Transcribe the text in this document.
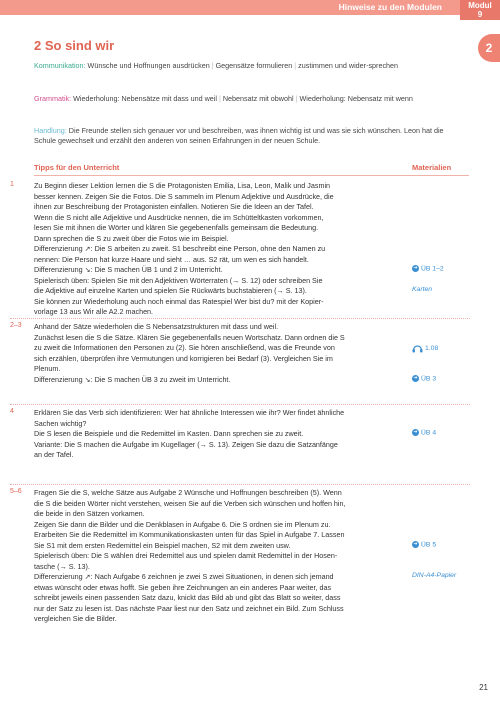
Hinweise zu den Modulen	Modul
9
2
2 So sind wir
Kommunikation: Wünsche und Hoffnungen ausdrücken | Gegensätze formulieren | zustimmen und wider-sprechen
Grammatik: Wiederholung: Nebensätze mit dass und weil | Nebensatz mit obwohl | Wiederholung: Nebensatz mit wenn
Handlung: Die Freunde stellen sich genauer vor und beschreiben, was ihnen wichtig ist und was sie sich wünschen. Leon hat die Schule gewechselt und erzählt den anderen von seinen Erfahrungen in der neuen Schule.
Tipps für den Unterricht	Materialien
1	Zu Beginn dieser Lektion lernen die S die Protagonisten Emilia, Lisa, Leon, Malik und Jasmin
besser kennen. Zeigen Sie die Fotos. Die S sammeln im Plenum Adjektive und Ausdrücke, die
ihnen zur Beschreibung der Protagonisten einfallen. Notieren Sie die Ideen an der Tafel.
Wenn die S nicht alle Adjektive und Ausdrücke nennen, die im Schütteltkasten vorkommen,
lesen Sie mit ihnen die Wörter und klären Sie gegebenenfalls gemeinsam die Bedeutung.
Dann sprechen die S zu zweit über die Fotos wie im Beispiel.
Differenzierung ↗: Die S arbeiten zu zweit. S1 beschreibt eine Person, ohne den Namen zu
nennen: Die Person hat kurze Haare und sieht … aus. S2 rät, um wen es sich handelt.
Differenzierung ↘: Die S machen ÜB 1 und 2 im Unterricht.
Spielerisch üben: Spielen Sie mit den Adjektiven Wörterraten (→ S. 12) oder schreiben Sie
die Adjektive auf einzelne Karten und spielen Sie Rückwärts buchstabieren (→ S. 13).
Sie können zur Wiederholung auch noch einmal das Ratespiel Wer bist du? mit der Kopier-
vorlage 13 aus Wir alle A2.2 machen.
➜ ÜB 1–2
Karten
2–3 Anhand der Sätze wiederholen die S Nebensatzstrukturen mit dass und weil.
Zunächst lesen die S die Sätze. Klären Sie gegebenenfalls neuen Wortschatz. Dann ordnen die S
zu zweit die Informationen den Personen zu (2). Sie hören anschließend, was die Freunde von
sich erzählen, überprüfen ihre Vermutungen und korrigieren bei Bedarf (3). Vergleichen Sie im
Plenum.
Differenzierung ↘: Die S machen ÜB 3 zu zweit im Unterricht.
1.08
➜ ÜB 3
4	Erklären Sie das Verb sich identifizieren: Wer hat ähnliche Interessen wie ihr? Wer findet ähnliche
Sachen wichtig?
Die S lesen die Beispiele und die Redemittel im Kasten. Dann sprechen sie zu zweit.
Variante: Die S machen die Aufgabe im Kugellager (→ S. 13). Zeigen Sie dazu die Satzanfänge
an der Tafel.
➜ ÜB 4
5–6 Fragen Sie die S, welche Sätze aus Aufgabe 2 Wünsche und Hoffnungen beschreiben (5). Wenn
die S die beiden Wörter nicht verstehen, weisen Sie auf die Verben sich wünschen und hoffen hin,
die beide in den Sätzen vorkamen.
Zeigen Sie dann die Bilder und die Denkblasen in Aufgabe 6. Die S ordnen sie im Plenum zu.
Erarbeiten Sie die Redemittel im Kommunikationskasten unten für das Spiel in Aufgabe 7. Lassen
Sie S1 mit dem ersten Redemittel ein Beispiel machen, S2 mit dem zweiten usw.
Spielerisch üben: Die S wählen drei Redemittel aus und spielen damit Redemittel in der Hosen-
tasche (→ S. 13).
Differenzierung ↗: Nach Aufgabe 6 zeichnen je zwei S zwei Situationen, in denen sich jemand
etwas wünscht oder etwas hofft. Sie geben ihre Zeichnungen an ein anderes Paar weiter, das
schreibt jeweils einen passenden Satz dazu, knickt das Bild ab und gibt das Blatt so weiter, dass
nur der Satz zu lesen ist. Das nächste Paar liest nur den Satz und zeichnet ein Bild. Zum Schluss
vergleichen Sie die Bilder.
➜ ÜB 5
DIN-A4-Papier
21
